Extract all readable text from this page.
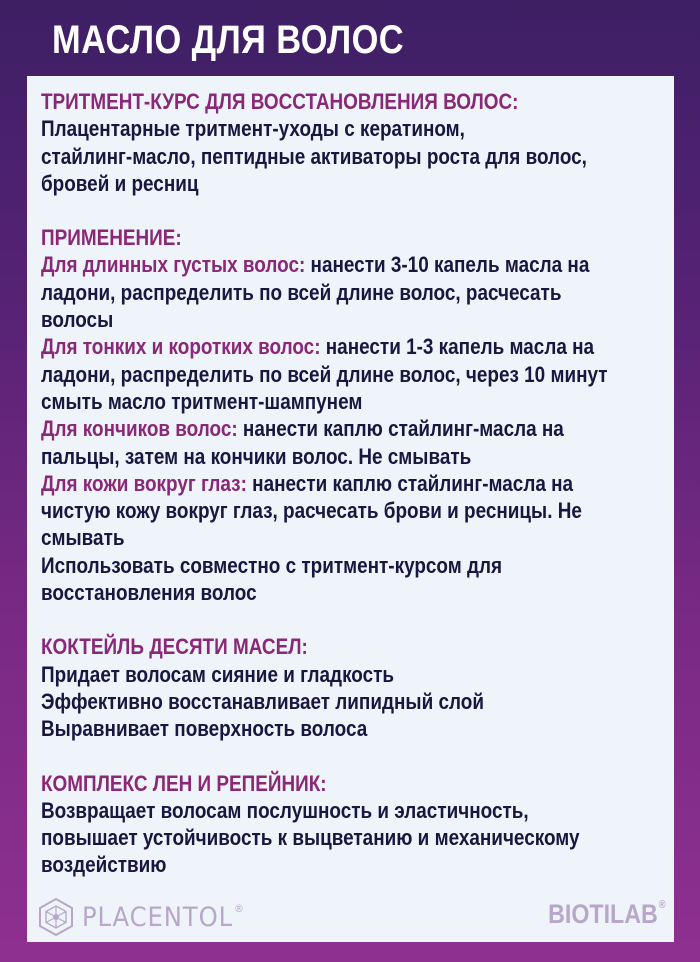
МАСЛО ДЛЯ ВОЛОС
ТРИТМЕНТ-КУРС ДЛЯ ВОССТАНОВЛЕНИЯ ВОЛОС:
Плацентарные тритмент-уходы с кератином,
стайлинг-масло, пептидные активаторы роста для волос,
бровей и ресниц
ПРИМЕНЕНИЕ:
Для длинных густых волос: нанести 3-10 капель масла на
ладони, распределить по всей длине волос, расчесать
волосы
Для тонких и коротких волос: нанести 1-3 капель масла на
ладони, распределить по всей длине волос, через 10 минут
смыть масло тритмент-шампунем
Для кончиков волос: нанести каплю стайлинг-масла на
пальцы, затем на кончики волос. Не смывать
Для кожи вокруг глаз: нанести каплю стайлинг-масла на
чистую кожу вокруг глаз, расчесать брови и ресницы. Не
смывать
Использовать совместно с тритмент-курсом для
восстановления волос
КОКТЕЙЛЬ ДЕСЯТИ МАСЕЛ:
Придает волосам сияние и гладкость
Эффективно восстанавливает липидный слой
Выравнивает поверхность волоса
КОМПЛЕКС ЛЕН И РЕПЕЙНИК:
Возвращает волосам послушность и эластичность,
повышает устойчивость к выцветанию и механическому
воздействию
PLACENTOL®	BIOTILAB®
